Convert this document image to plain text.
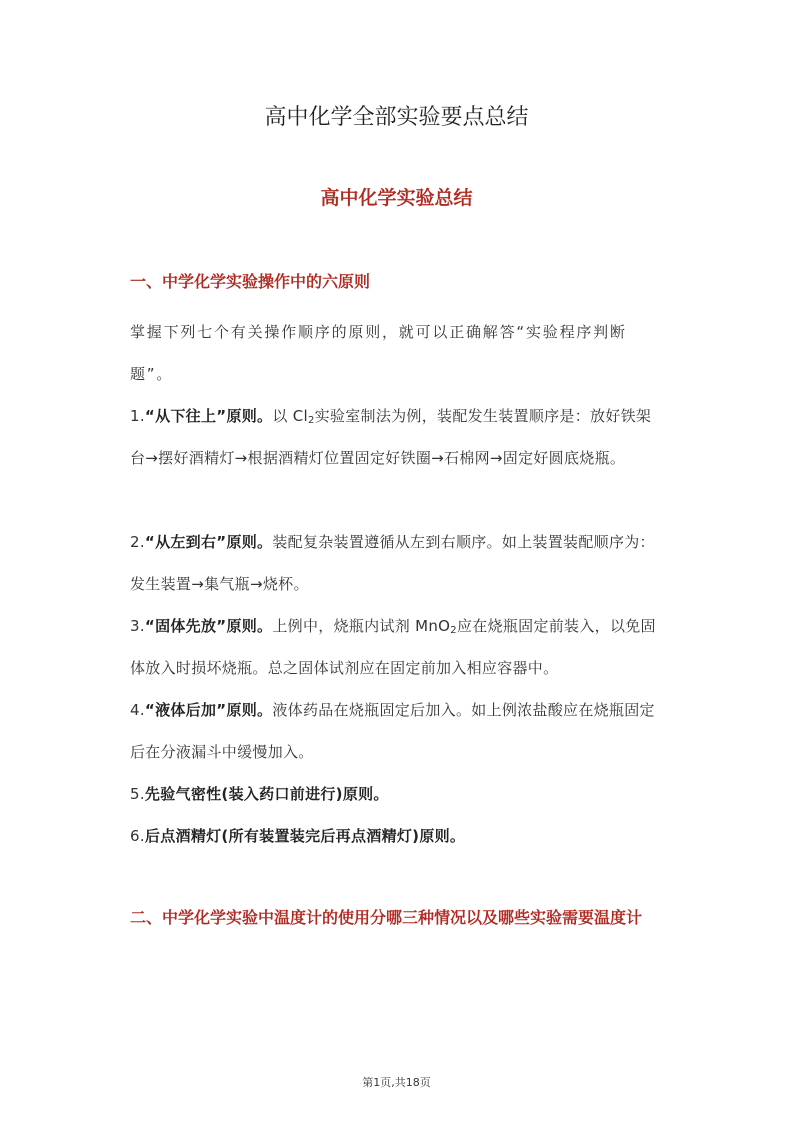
高中化学全部实验要点总结
高中化学实验总结
一、中学化学实验操作中的六原则
掌握下列七个有关操作顺序的原则，就可以正确解答“实验程序判断题”。
1.“从下往上”原则。以 $Cl_2$实验室制法为例，装配发生装置顺序是：放好铁架台→摆好酒精灯→根据酒精灯位置固定好铁圈→石棉网→固定好圆底烧瓶。
2.“从左到右”原则。装配复杂装置遵循从左到右顺序。如上装置装配顺序为：发生装置→集气瓶→烧杯。
3.“固体先放”原则。上例中，烧瓶内试剂 MnO$_2$应在烧瓶固定前装入，以免固体放入时损坏烧瓶。总之固体试剂应在固定前加入相应容器中。
4.“液体后加”原则。液体药品在烧瓶固定后加入。如上例浓盐酸应在烧瓶固定后在分液漏斗中缓慢加入。
5.先验气密性(装入药口前进行)原则。
6.后点酒精灯(所有装置装完后再点酒精灯)原则。
二、中学化学实验中温度计的使用分哪三种情况以及哪些实验需要温度计
第1页,共18页
